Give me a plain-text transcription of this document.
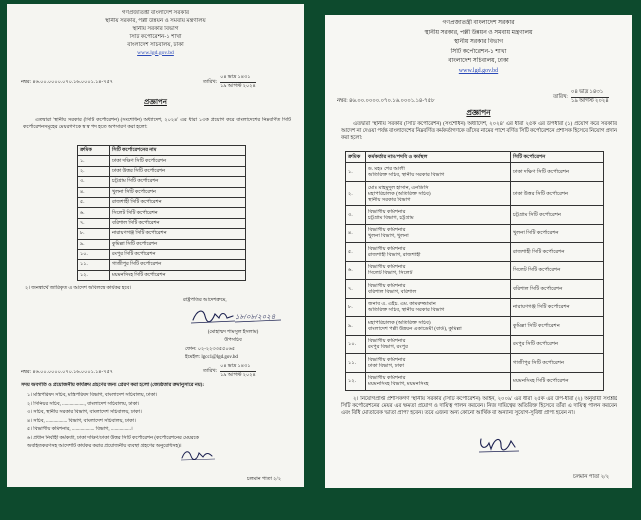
গণপ্রজাতন্ত্রী বাংলাদেশ সরকার
স্থানীয় সরকার, পল্লী উন্নয়ন ও সমবায় মন্ত্রণালয়
স্থানীয় সরকার বিভাগ
সিটি কর্পোরেশন-১ শাখা
বাংলাদেশ সচিবালয়, ঢাকা
www.lgd.gov.bd
নম্বর: ৪৬.০০.০০০০.০৭০.১৬.০০০১.১৪-৭৫৭	তারিখ:
০৪ ভাদ্র ১৪৩১
১৯ আগস্ট ২০২৪
প্রজ্ঞাপন
এতদ্বারা 'স্থানীয় সরকার (সিটি কর্পোরেশন) (সংশোধন) অধ্যাদেশ, ২০২৪' এর ধারা ১৩ক প্রয়োগ করে বাংলাদেশের নিম্নবর্ণিত সিটি কর্পোরেশনসমূহের মেয়রগণকে স্ব স্ব পদ হতে অপসারণ করা হলো:
ক্রমিক	সিটি কর্পোরেশনের নাম
১.	ঢাকা দক্ষিণ সিটি কর্পোরেশন
২.	ঢাকা উত্তর সিটি কর্পোরেশন
৩.	চট্টগ্রাম সিটি কর্পোরেশন
৪.	খুলনা সিটি কর্পোরেশন
৫.	রাজশাহী সিটি কর্পোরেশন
৬.	সিলেট সিটি কর্পোরেশন
৭.	বরিশাল সিটি কর্পোরেশন
৮.	নারায়ণগঞ্জ সিটি কর্পোরেশন
৯.	কুমিল্লা সিটি কর্পোরেশন
১০.	রংপুর সিটি কর্পোরেশন
১১.	গাজীপুর সিটি কর্পোরেশন
১২.	ময়মনসিংহ সিটি কর্পোরেশন
২। জনস্বার্থে জারিকৃত এ আদেশ অবিলম্বে কার্যকর হবে।
রাষ্ট্রপতির আদেশক্রমে,
১৮/০৮/২০২৪
(মোহাম্মদ শামসুল ইসলাম)
উপসচিব
ফোন: ০২-২২৩৩৫৫০৬৫
ইমেইল: lgcc1@lgd.gov.bd
নম্বর: ৪৬.০০.০০০০.০৭০.১৬.০০০১.১৪-৭৫৭	তারিখ:
০৪ ভাদ্র ১৪৩১
১৯ আগস্ট ২০২৪
সদয় অবগতি ও প্রয়োজনীয় কার্যক্রম গ্রহণের জন্য প্রেরণ করা হলো (জ্যেষ্ঠতার ক্রমানুসারে নয়):
১। মন্ত্রিপরিষদ সচিব, মন্ত্রিপরিষদ বিভাগ, বাংলাদেশ সচিবালয়, ঢাকা।
২। সিনিয়র সচিব, .................., বাংলাদেশ সচিবালয়, ঢাকা।
৩। সচিব, স্থানীয় সরকার বিভাগ, বাংলাদেশ সচিবালয়, ঢাকা।
৪। সচিব, ................. বিভাগ, বাংলাদেশ সচিবালয়, ঢাকা।
৫। বিভাগীয় কমিশনার, .................. বিভাগ, ................।
৬। প্রধান নির্বাহী কর্মকর্তা, ঢাকা দক্ষিণ/ঢাকা উত্তর সিটি কর্পোরেশন (কর্পোরেশনের মেয়রকে
অবহিতকরণসহ আদেশটি কার্যকর করার প্রয়োজনীয় ব্যবস্থা গ্রহণের অনুরোধসহ)।
চলমান পাতা ২/২
গণপ্রজাতন্ত্রী বাংলাদেশ সরকার
স্থানীয় সরকার, পল্লী উন্নয়ন ও সমবায় মন্ত্রণালয়
স্থানীয় সরকার বিভাগ
সিটি কর্পোরেশন-১ শাখা
বাংলাদেশ সচিবালয়, ঢাকা
www.lgd.gov.bd
নম্বর: ৪৬.০০.০০০০.০৭০.১৬.০০০১.১৪-৭৫৮
তারিখ:
০৪ ভাদ্র ১৪৩১
১৯ আগস্ট ২০২৪
প্রজ্ঞাপন
এতদ্বারা 'স্থানীয় সরকার (সিটি কর্পোরেশন) (সংশোধন) অধ্যাদেশ, ২০২৪' এর ধারা ২৫ক এর উপধারা (১) প্রয়োগ করে সরকারি আদেশ না দেওয়া পর্যন্ত বাংলাদেশের নিম্নবর্ণিত কর্মকর্তাগণকে তাঁদের নামের পাশে বর্ণিত সিটি কর্পোরেশনে প্রশাসক হিসেবে নিয়োগ প্রদান করা হলো:
ক্রমিক	কর্মকর্তার নাম/পদবি ও কর্মস্থল	সিটি কর্পোরেশন
১.	ড. মহঃ শের আলী
অতিরিক্ত সচিব, স্থানীয় সরকার বিভাগ	ঢাকা দক্ষিণ সিটি কর্পোরেশন
২.	মোঃ মাহমুদুল হাসান, এনডিসি
মহাপরিচালক (অতিরিক্ত সচিব)
স্থানীয় সরকার বিভাগ	ঢাকা উত্তর সিটি কর্পোরেশন
৩.	বিভাগীয় কমিশনার
চট্টগ্রাম বিভাগ, চট্টগ্রাম	চট্টগ্রাম সিটি কর্পোরেশন
৪.	বিভাগীয় কমিশনার
খুলনা বিভাগ, খুলনা	খুলনা সিটি কর্পোরেশন
৫.	বিভাগীয় কমিশনার
রাজশাহী বিভাগ, রাজশাহী	রাজশাহী সিটি কর্পোরেশন
৬.	বিভাগীয় কমিশনার
সিলেট বিভাগ, সিলেট	সিলেট সিটি কর্পোরেশন
৭.	বিভাগীয় কমিশনার
বরিশাল বিভাগ, বরিশাল	বরিশাল সিটি কর্পোরেশন
৮.	জনাব এ. এইচ. এম. কামরুজ্জামান
অতিরিক্ত সচিব, স্থানীয় সরকার বিভাগ	নারায়ণগঞ্জ সিটি কর্পোরেশন
৯.	মহাপরিচালক (অতিরিক্ত সচিব)
বাংলাদেশ পল্লী উন্নয়ন একাডেমী (বার্ড), কুমিল্লা	কুমিল্লা সিটি কর্পোরেশন
১০.	বিভাগীয় কমিশনার
রংপুর বিভাগ, রংপুর	রংপুর সিটি কর্পোরেশন
১১.	বিভাগীয় কমিশনার
ঢাকা বিভাগ, ঢাকা	গাজীপুর সিটি কর্পোরেশন
১২.	বিভাগীয় কমিশনার
ময়মনসিংহ বিভাগ, ময়মনসিংহ	ময়মনসিংহ সিটি কর্পোরেশন
২। নিয়োগপ্রাপ্ত প্রশাসকগণ 'স্থানীয় সরকার (সিটি কর্পোরেশন) আইন, ২০০৯' এর ধারা ২৫ক এর উপ-ধারা (২) অনুযায়ী সংশ্লিষ্ট সিটি কর্পোরেশনের মেয়র এর ক্ষমতা প্রয়োগ ও দায়িত্ব পালন করবেন। নিজ দায়িত্বের অতিরিক্ত হিসেবে তাঁরা এ দায়িত্ব পালন করবেন এবং বিধি মোতাবেক 'ভাতা প্রাপ্য' হবেন। তবে এজন্য অন্য কোনো আর্থিক বা অন্যান্য সুযোগ-সুবিধা প্রাপ্য হবেন না।
চলমান পাতা ২/২
